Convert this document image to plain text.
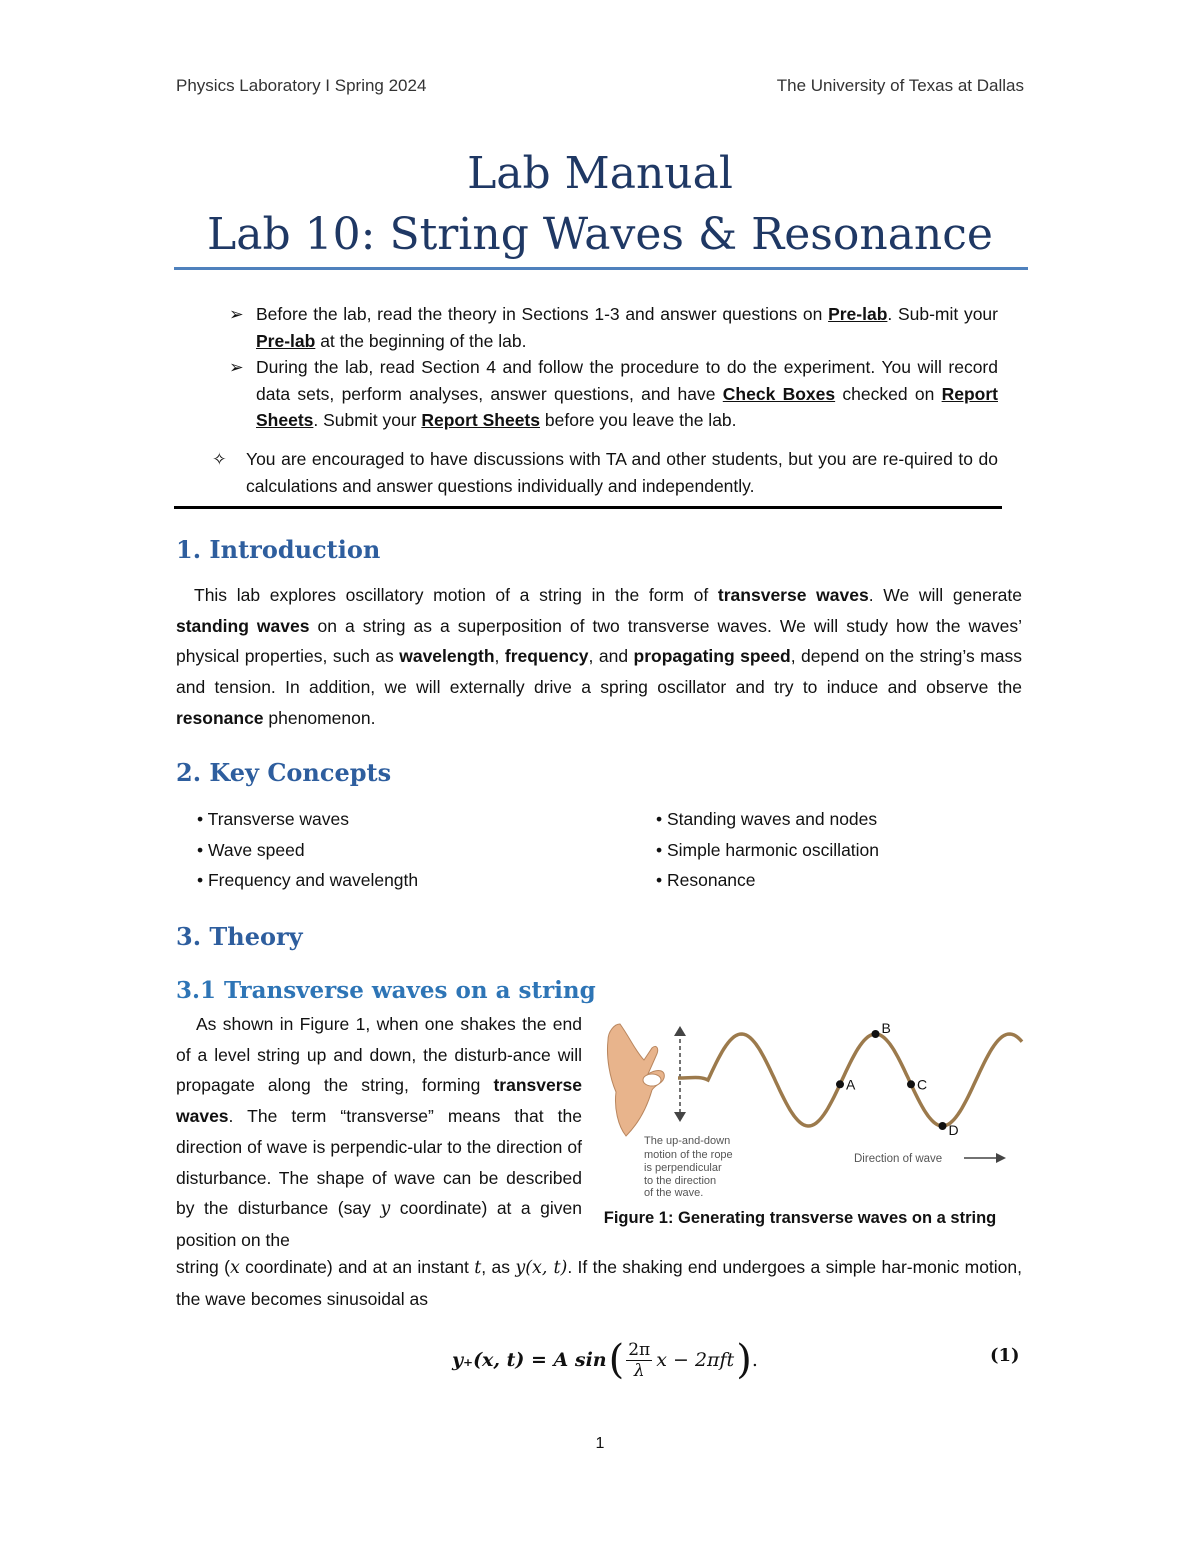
Physics Laboratory I Spring 2024	The University of Texas at Dallas
Lab Manual
Lab 10: String Waves & Resonance
➢ Before the lab, read the theory in Sections 1-3 and answer questions on Pre-lab. Sub-mit your Pre-lab at the beginning of the lab.
➢ During the lab, read Section 4 and follow the procedure to do the experiment. You will record data sets, perform analyses, answer questions, and have Check Boxes checked on Report Sheets. Submit your Report Sheets before you leave the lab.
✧ You are encouraged to have discussions with TA and other students, but you are re-quired to do calculations and answer questions individually and independently.
1. Introduction
This lab explores oscillatory motion of a string in the form of transverse waves. We will generate standing waves on a string as a superposition of two transverse waves. We will study how the waves’ physical properties, such as wavelength, frequency, and propagating speed, depend on the string’s mass and tension. In addition, we will externally drive a spring oscillator and try to induce and observe the resonance phenomenon.
2. Key Concepts
• Transverse waves
• Wave speed
• Frequency and wavelength
• Standing waves and nodes
• Simple harmonic oscillation
• Resonance
3. Theory
3.1 Transverse waves on a string
As shown in Figure 1, when one shakes the end of a level string up and down, the disturb-ance will propagate along the string, forming transverse waves. The term “transverse” means that the direction of wave is perpendic-ular to the direction of disturbance. The shape of wave can be described by the disturbance (say y coordinate) at a given position on the
string (x coordinate) and at an instant t, as y(x, t). If the shaking end undergoes a simple har-monic motion, the wave becomes sinusoidal as
A
B
C
D
The up-and-down
motion of the rope
is perpendicular
to the direction
of the wave.
Direction of wave
Figure 1: Generating transverse waves on a string
y₊(x, t) = A sin ( 2π
λ x − 2πft ) .	(1)
1
